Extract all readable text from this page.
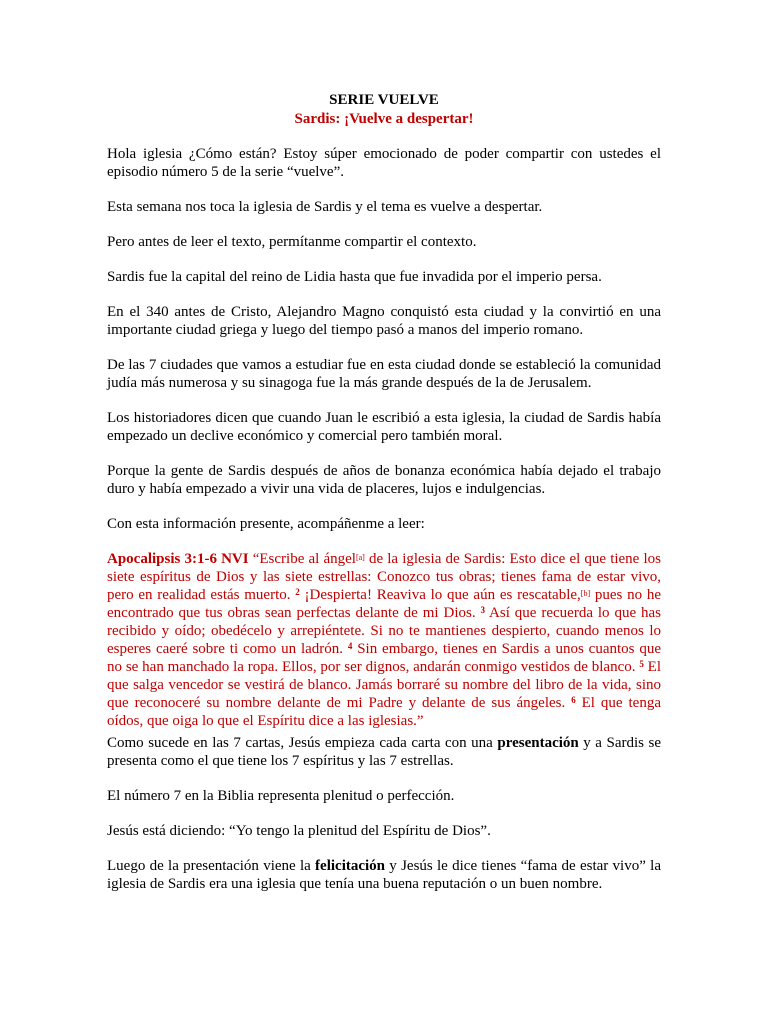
SERIE VUELVE
Sardis: ¡Vuelve a despertar!

Hola iglesia ¿Cómo están? Estoy súper emocionado de poder compartir con ustedes el episodio número 5 de la serie “vuelve”.

Esta semana nos toca la iglesia de Sardis y el tema es vuelve a despertar.

Pero antes de leer el texto, permítanme compartir el contexto.

Sardis fue la capital del reino de Lidia hasta que fue invadida por el imperio persa.

En el 340 antes de Cristo, Alejandro Magno conquistó esta ciudad y la convirtió en una importante ciudad griega y luego del tiempo pasó a manos del imperio romano.

De las 7 ciudades que vamos a estudiar fue en esta ciudad donde se estableció la comunidad judía más numerosa y su sinagoga fue la más grande después de la de Jerusalem.

Los historiadores dicen que cuando Juan le escribió a esta iglesia, la ciudad de Sardis había empezado un declive económico y comercial pero también moral.

Porque la gente de Sardis después de años de bonanza económica había dejado el trabajo duro y había empezado a vivir una vida de placeres, lujos e indulgencias.

Con esta información presente, acompáñenme a leer:

Apocalipsis 3:1-6 NVI “Escribe al ángel[a] de la iglesia de Sardis: Esto dice el que tiene los siete espíritus de Dios y las siete estrellas: Conozco tus obras; tienes fama de estar vivo, pero en realidad estás muerto. $^2$ ¡Despierta! Reaviva lo que aún es rescatable,[b] pues no he encontrado que tus obras sean perfectas delante de mi Dios. $^3$ Así que recuerda lo que has recibido y oído; obedécelo y arrepiéntete. Si no te mantienes despierto, cuando menos lo esperes caeré sobre ti como un ladrón. $^4$ Sin embargo, tienes en Sardis a unos cuantos que no se han manchado la ropa. Ellos, por ser dignos, andarán conmigo vestidos de blanco. $^5$ El que salga vencedor se vestirá de blanco. Jamás borraré su nombre del libro de la vida, sino que reconoceré su nombre delante de mi Padre y delante de sus ángeles. $^6$ El que tenga oídos, que oiga lo que el Espíritu dice a las iglesias.”

Como sucede en las 7 cartas, Jesús empieza cada carta con una presentación y a Sardis se presenta como el que tiene los 7 espíritus y las 7 estrellas.

El número 7 en la Biblia representa plenitud o perfección.

Jesús está diciendo: “Yo tengo la plenitud del Espíritu de Dios”.

Luego de la presentación viene la felicitación y Jesús le dice tienes “fama de estar vivo” la iglesia de Sardis era una iglesia que tenía una buena reputación o un buen nombre.
